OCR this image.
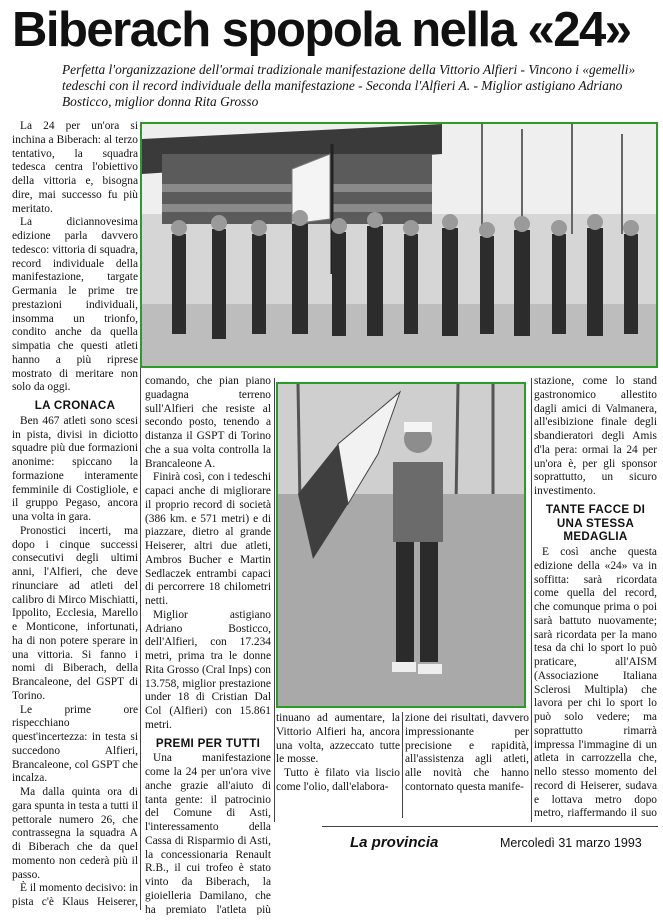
Biberach spopola nella «24»
Perfetta l'organizzazione dell'ormai tradizionale manifestazione della Vittorio Alfieri - Vincono i «gemelli» tedeschi con il record individuale della manifestazione - Seconda l'Alfieri A. - Miglior astigiano Adriano Bosticco, miglior donna Rita Grosso

La 24 per un'ora si inchina a Biberach: al terzo tentativo, la squadra tedesca centra l'obiettivo della vittoria e, bisogna dire, mai successo fu più meritato.

La diciannovesima edizione parla davvero tedesco: vittoria di squadra, record individuale della manifestazione, targate Germania le prime tre prestazioni individuali, insomma un trionfo, condito anche da quella simpatia che questi atleti hanno a più riprese mostrato di meritare non solo da oggi.

LA CRONACA

Ben 467 atleti sono scesi in pista, divisi in diciotto squadre più due formazioni anonime: spiccano la formazione interamente femminile di Costigliole, e il gruppo Pegaso, ancora una volta in gara.

Pronostici incerti, ma dopo i cinque successi consecutivi degli ultimi anni, l'Alfieri, che deve rinunciare ad atleti del calibro di Mirco Mischiatti, Ippolito, Ecclesia, Marello e Monticone, infortunati, ha di non potere sperare in una vittoria. Si fanno i nomi di Biberach, della Brancaleone, del GSPT di Torino.

Le prime ore rispecchiano quest'incertezza: in testa si succedono Alfieri, Brancaleone, col GSPT che incalza.

Ma dalla quinta ora di gara spunta in testa a tutti il pettorale numero 26, che contrassegna la squadra A di Biberach che da quel momento non cederà più il passo.

È il momento decisivo: in pista c'è Klaus Heiserer,

comando, che pian piano guadagna terreno sull'Alfieri che resiste al secondo posto, tenendo a distanza il GSPT di Torino che a sua volta controlla la Brancaleone A.

Finirà così, con i tedeschi capaci anche di migliorare il proprio record di società (386 km. e 571 metri) e di piazzare, dietro al grande Heiserer, altri due atleti, Ambros Bucher e Martin Sedlaczek entrambi capaci di percorrere 18 chilometri netti.

Miglior astigiano Adriano Bosticco, dell'Alfieri, con 17.234 metri, prima tra le donne Rita Grosso (Cral Inps) con 13.758, miglior prestazione under 18 di Cristian Dal Col (Alfieri) con 15.861 metri.

PREMI PER TUTTI

Una manifestazione come la 24 per un'ora vive anche grazie all'aiuto di tanta gente: il patrocinio del Comune di Asti, l'interessamento della Cassa di Risparmio di Asti, la concessionaria Renault R.B., il cui trofeo è stato vinto da Biberach, la gioielleria Damilano, che ha premiato l'atleta più

tinuano ad aumentare, la Vittorio Alfieri ha, ancora una volta, azzeccato tutte le mosse.

Tutto è filato via liscio come l'olio, dall'elabora-

zione dei risultati, davvero impressionante per precisione e rapidità, all'assistenza agli atleti, alle novità che hanno contornato questa manife-

stazione, come lo stand gastronomico allestito dagli amici di Valmanera, all'esibizione finale degli sbandieratori degli Amis d'la pera: ormai la 24 per un'ora è, per gli sponsor soprattutto, un sicuro investimento.

TANTE FACCE DI UNA STESSA MEDAGLIA

E così anche questa edizione della «24» va in soffitta: sarà ricordata come quella del record, che comunque prima o poi sarà battuto nuovamente; sarà ricordata per la mano tesa da chi lo sport lo può praticare, all'AISM (Associazione Italiana Sclerosi Multipla) che lavora per chi lo sport lo può solo vedere; ma soprattutto rimarrà impressa l'immagine di un atleta in carrozzella che, nello stesso momento del record di Heiserer, sudava e lottava metro dopo metro, riaffermando il suo

La provincia	Mercoledì 31 marzo 1993
